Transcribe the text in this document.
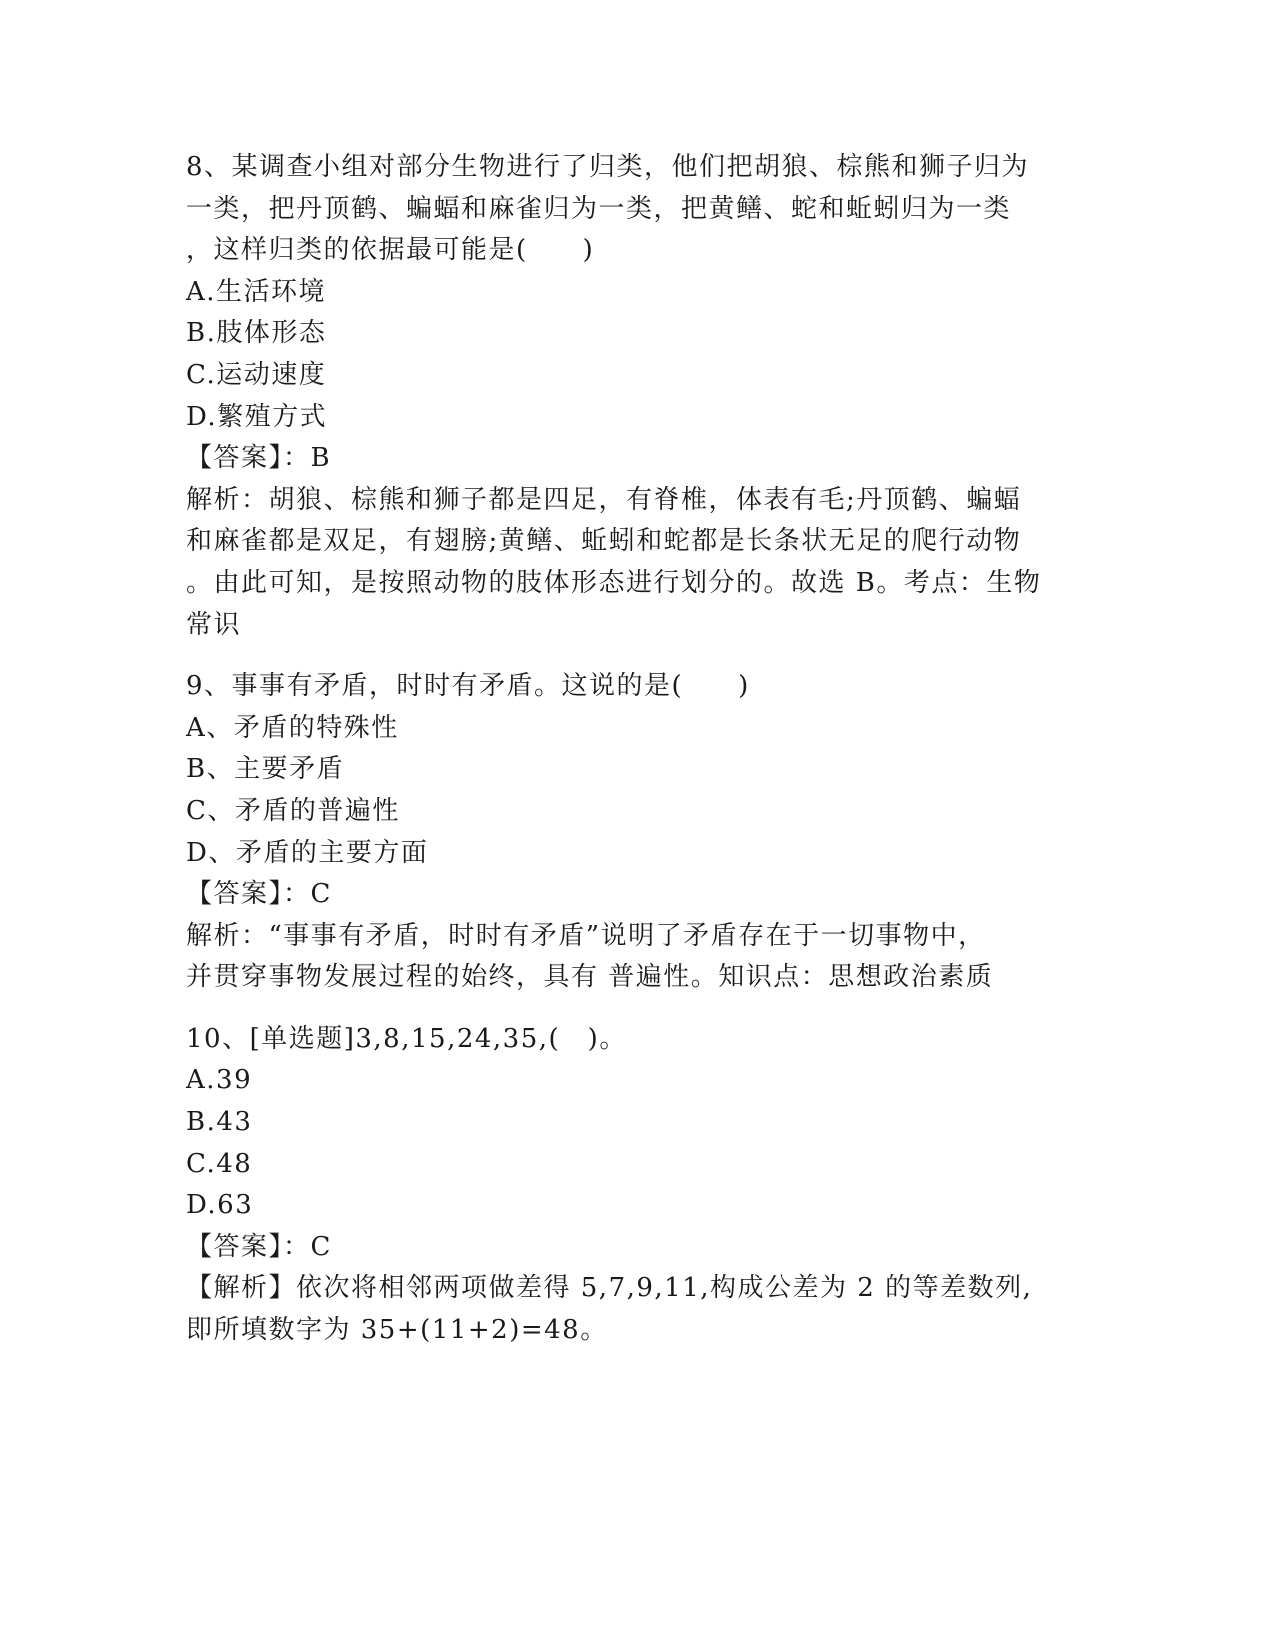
8、某调查小组对部分生物进行了归类，他们把胡狼、棕熊和狮子归为
一类，把丹顶鹤、蝙蝠和麻雀归为一类，把黄鳝、蛇和蚯蚓归为一类
，这样归类的依据最可能是(　　)
A.生活环境
B.肢体形态
C.运动速度
D.繁殖方式
【答案】：B
解析：胡狼、棕熊和狮子都是四足，有脊椎，体表有毛;丹顶鹤、蝙蝠
和麻雀都是双足，有翅膀;黄鳝、蚯蚓和蛇都是长条状无足的爬行动物
。由此可知，是按照动物的肢体形态进行划分的。故选 B。考点：生物
常识
9、事事有矛盾，时时有矛盾。这说的是(　　)
A、矛盾的特殊性
B、主要矛盾
C、矛盾的普遍性
D、矛盾的主要方面
【答案】：C
解析：“事事有矛盾，时时有矛盾”说明了矛盾存在于一切事物中，
并贯穿事物发展过程的始终，具有 普遍性。知识点：思想政治素质
10、[单选题]3,8,15,24,35,(　)。
A.39
B.43
C.48
D.63
【答案】：C
【解析】依次将相邻两项做差得 5,7,9,11,构成公差为 2 的等差数列,
即所填数字为 35+(11+2)=48。
